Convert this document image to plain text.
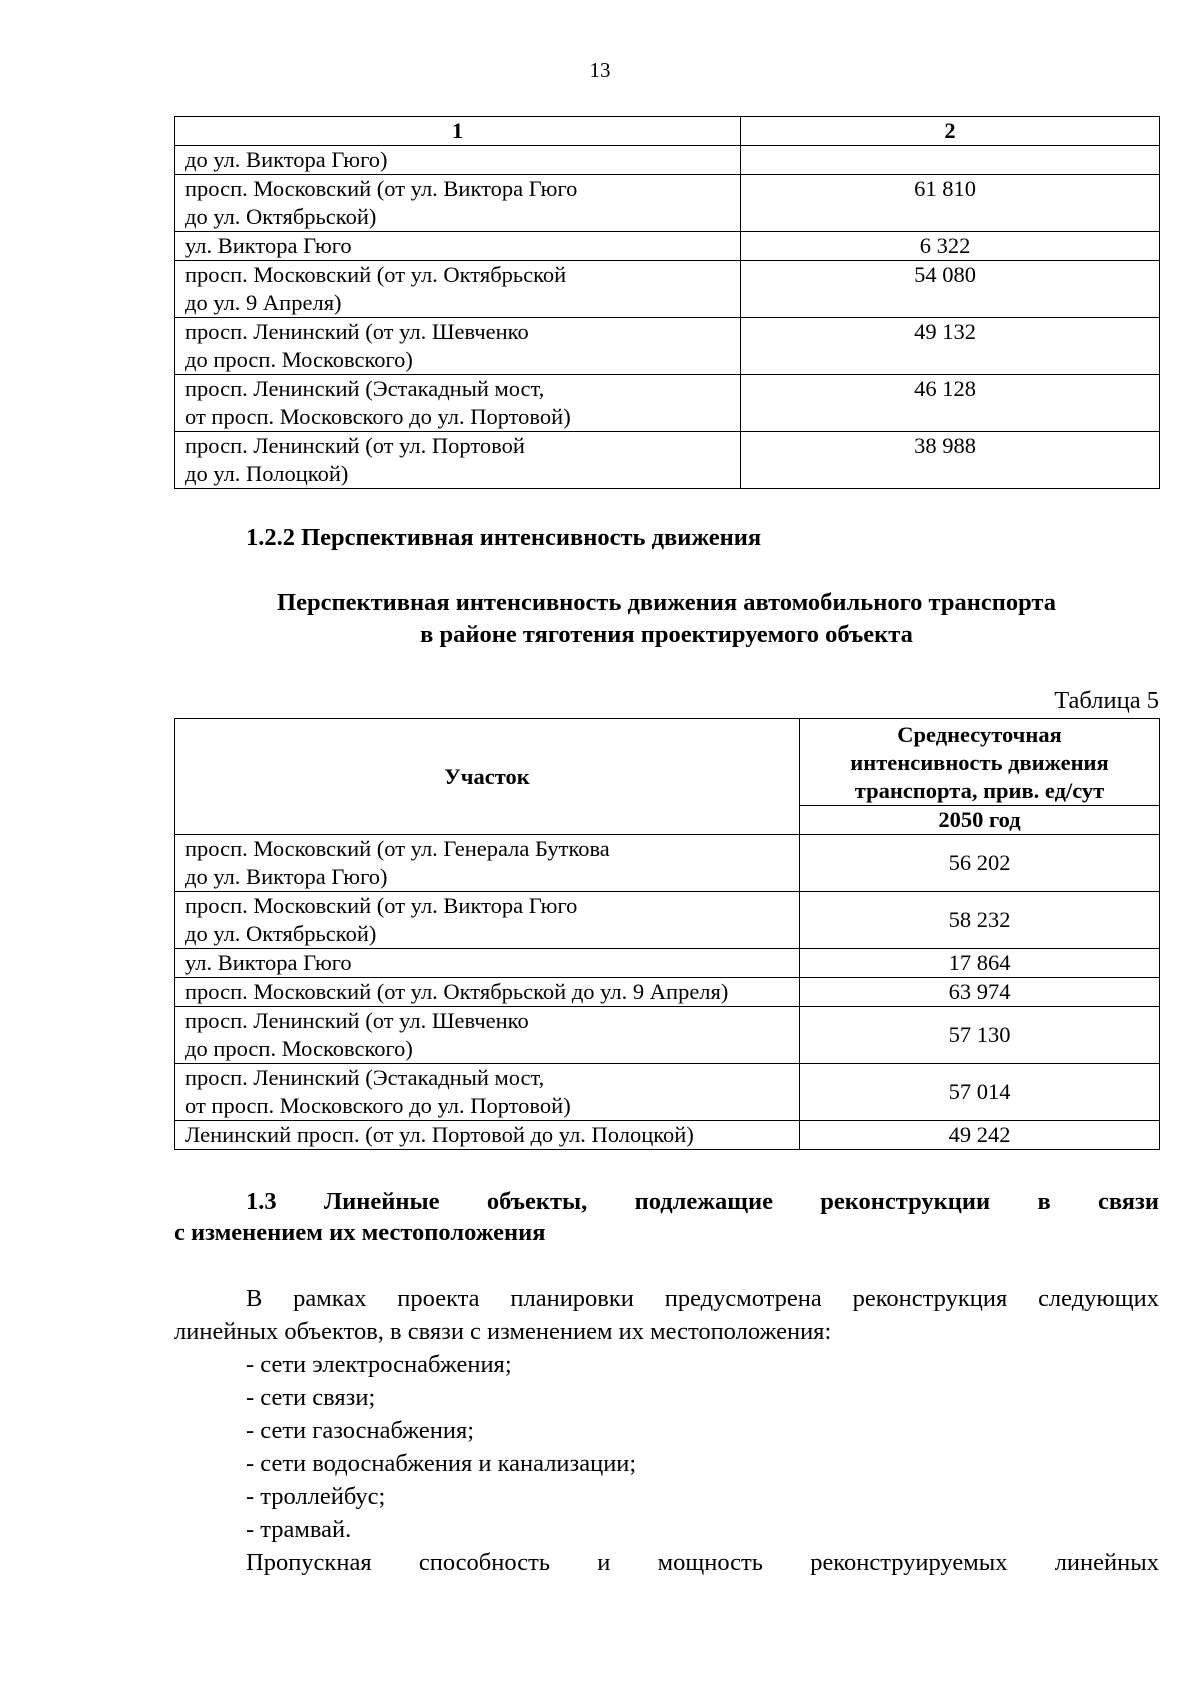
13
1	2

до ул. Виктора Гюго)	

просп. Московский (от ул. Виктора Гюго
до ул. Октябрьской)	61 810

ул. Виктора Гюго	6 322

просп. Московский (от ул. Октябрьской
до ул. 9 Апреля)	54 080

просп. Ленинский (от ул. Шевченко
до просп. Московского)	49 132

просп. Ленинский (Эстакадный мост,
от просп. Московского до ул. Портовой)	46 128

просп. Ленинский (от ул. Портовой
до ул. Полоцкой)	38 988
1.2.2 Перспективная интенсивность движения
Перспективная интенсивность движения автомобильного транспорта
в районе тяготения проектируемого объекта
Таблица 5
Участок	Среднесуточная
интенсивность движения
транспорта, прив. ед/сут

	2050 год

просп. Московский (от ул. Генерала Буткова
до ул. Виктора Гюго)	56 202

просп. Московский (от ул. Виктора Гюго
до ул. Октябрьской)	58 232

ул. Виктора Гюго	17 864

просп. Московский (от ул. Октябрьской до ул. 9 Апреля)	63 974

просп. Ленинский (от ул. Шевченко
до просп. Московского)	57 130

просп. Ленинский (Эстакадный мост,
от просп. Московского до ул. Портовой)	57 014

Ленинский просп. (от ул. Портовой до ул. Полоцкой)	49 242
1.3 Линейные объекты, подлежащие реконструкции в связи
с изменением их местоположения
В рамках проекта планировки предусмотрена реконструкция следующих
линейных объектов, в связи с изменением их местоположения:
- сети электроснабжения;
- сети связи;
- сети газоснабжения;
- сети водоснабжения и канализации;
- троллейбус;
- трамвай.
Пропускная способность и мощность реконструируемых линейных
